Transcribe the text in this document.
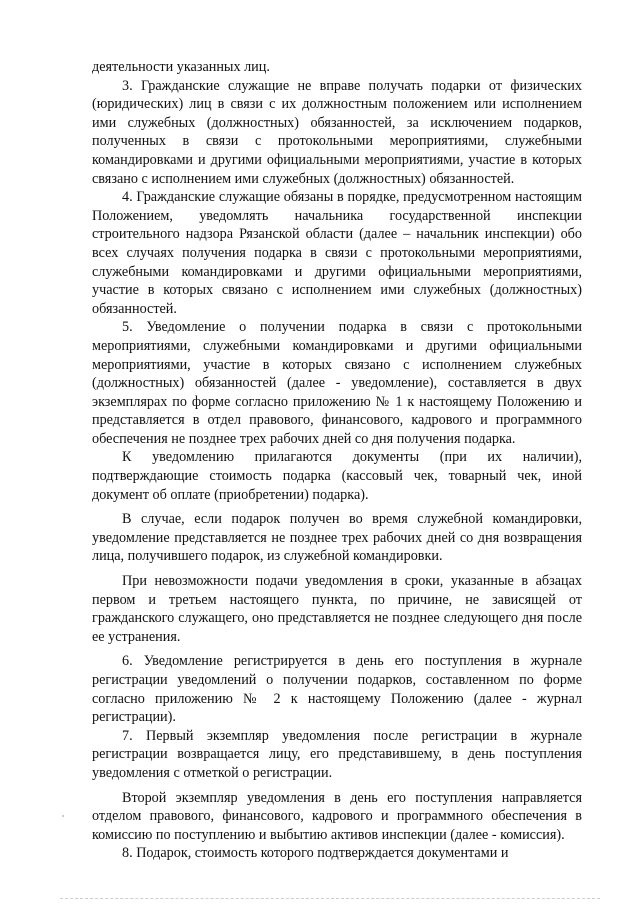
деятельности указанных лиц.

3. Гражданские служащие не вправе получать подарки от физических (юридических) лиц в связи с их должностным положением или исполнением ими служебных (должностных) обязанностей, за исключением подарков, полученных в связи с протокольными мероприятиями, служебными командировками и другими официальными мероприятиями, участие в которых связано с исполнением ими служебных (должностных) обязанностей.

4. Гражданские служащие обязаны в порядке, предусмотренном настоящим Положением, уведомлять начальника государственной инспекции строительного надзора Рязанской области (далее – начальник инспекции) обо всех случаях получения подарка в связи с протокольными мероприятиями, служебными командировками и другими официальными мероприятиями, участие в которых связано с исполнением ими служебных (должностных) обязанностей.

5. Уведомление о получении подарка в связи с протокольными мероприятиями, служебными командировками и другими официальными мероприятиями, участие в которых связано с исполнением служебных (должностных) обязанностей (далее - уведомление), составляется в двух экземплярах по форме согласно приложению № 1 к настоящему Положению и представляется в отдел правового, финансового, кадрового и программного обеспечения не позднее трех рабочих дней со дня получения подарка.

К уведомлению прилагаются документы (при их наличии), подтверждающие стоимость подарка (кассовый чек, товарный чек, иной документ об оплате (приобретении) подарка).

В случае, если подарок получен во время служебной командировки, уведомление представляется не позднее трех рабочих дней со дня возвращения лица, получившего подарок, из служебной командировки.

При невозможности подачи уведомления в сроки, указанные в абзацах первом и третьем настоящего пункта, по причине, не зависящей от гражданского служащего, оно представляется не позднее следующего дня после ее устранения.

6. Уведомление регистрируется в день его поступления в журнале регистрации уведомлений о получении подарков, составленном по форме согласно приложению № 2 к настоящему Положению (далее - журнал регистрации).

7. Первый экземпляр уведомления после регистрации в журнале регистрации возвращается лицу, его представившему, в день поступления уведомления с отметкой о регистрации.

Второй экземпляр уведомления в день его поступления направляется отделом правового, финансового, кадрового и программного обеспечения в комиссию по поступлению и выбытию активов инспекции (далее - комиссия).

8. Подарок, стоимость которого подтверждается документами и
